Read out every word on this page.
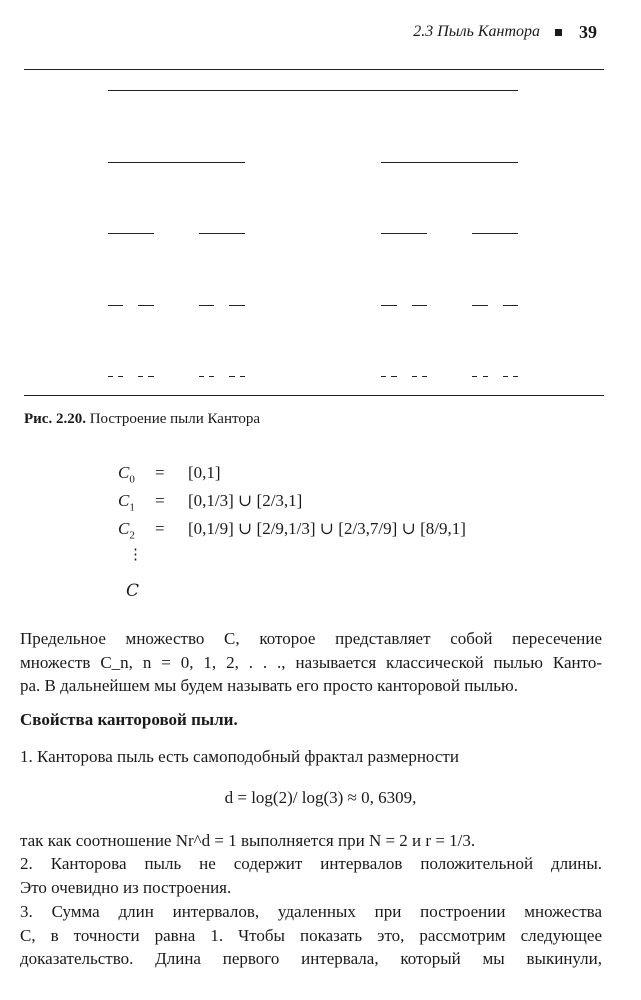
2.3 Пыль Кантора 39
Рис. 2.20. Построение пыли Кантора
$C_0 = [0,1]$
$C_1 = [0,1/3]$ ∪ [2/3,1]
$C_2 = [0,1/9]$ ∪ [2/9,1/3] ∪ [2/3,7/9] ∪ [8/9,1]
⋮
C
Предельное множество C, которое представляет собой пересечение
множеств C_n, n = 0, 1, 2, . . ., называется классической пылью Канто-
ра. В дальнейшем мы будем называть его просто канторовой пылью.
Свойства канторовой пыли.
1. Канторова пыль есть самоподобный фрактал размерности
d = log(2)/ log(3) ≈ 0, 6309,
так как соотношение Nr^d = 1 выполняется при N = 2 и r = 1/3.
2. Канторова пыль не содержит интервалов положительной длины.
Это очевидно из построения.
3. Сумма длин интервалов, удаленных при построении множества
C, в точности равна 1. Чтобы показать это, рассмотрим следующее
доказательство. Длина первого интервала, который мы выкинули,
